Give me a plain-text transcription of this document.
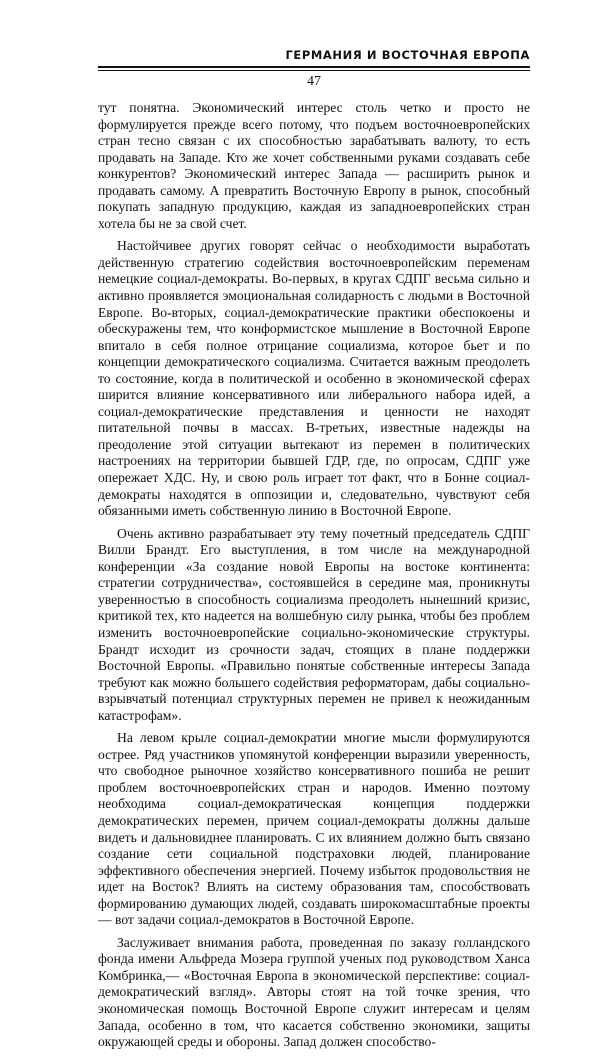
ГЕРМАНИЯ И ВОСТОЧНАЯ ЕВРОПА
47

тут понятна. Экономический интерес столь четко и просто не формулируется прежде всего потому, что подъем восточноевропейских стран тесно связан с их способностью зарабатывать валюту, то есть продавать на Западе. Кто же хочет собственными руками создавать себе конкурентов? Экономический интерес Запада — расширить рынок и продавать самому. А превратить Восточную Европу в рынок, способный покупать западную продукцию, каждая из западноевропейских стран хотела бы не за свой счет.

Настойчивее других говорят сейчас о необходимости выработать действенную стратегию содействия восточноевропейским переменам немецкие социал-демократы. Во-первых, в кругах СДПГ весьма сильно и активно проявляется эмоциональная солидарность с людьми в Восточной Европе. Во-вторых, социал-демократические практики обеспокоены и обескуражены тем, что конформистское мышление в Восточной Европе впитало в себя полное отрицание социализма, которое бьет и по концепции демократического социализма. Считается важным преодолеть то состояние, когда в политической и особенно в экономической сферах ширится влияние консервативного или либерального набора идей, а социал-демократические представления и ценности не находят питательной почвы в массах. В-третьих, известные надежды на преодоление этой ситуации вытекают из перемен в политических настроениях на территории бывшей ГДР, где, по опросам, СДПГ уже опережает ХДС. Ну, и свою роль играет тот факт, что в Бонне социал-демократы находятся в оппозиции и, следовательно, чувствуют себя обязанными иметь собственную линию в Восточной Европе.

Очень активно разрабатывает эту тему почетный председатель СДПГ Вилли Брандт. Его выступления, в том числе на международной конференции «За создание новой Европы на востоке континента: стратегии сотрудничества», состоявшейся в середине мая, проникнуты уверенностью в способность социализма преодолеть нынешний кризис, критикой тех, кто надеется на волшебную силу рынка, чтобы без проблем изменить восточноевропейские социально-экономические структуры. Брандт исходит из срочности задач, стоящих в плане поддержки Восточной Европы. «Правильно понятые собственные интересы Запада требуют как можно большего содействия реформаторам, дабы социально-взрывчатый потенциал структурных перемен не привел к неожиданным катастрофам».

На левом крыле социал-демократии многие мысли формулируются острее. Ряд участников упомянутой конференции выразили уверенность, что свободное рыночное хозяйство консервативного пошиба не решит проблем восточноевропейских стран и народов. Именно поэтому необходима социал-демократическая концепция поддержки демократических перемен, причем социал-демократы должны дальше видеть и дальновиднее планировать. С их влиянием должно быть связано создание сети социальной подстраховки людей, планирование эффективного обеспечения энергией. Почему избыток продовольствия не идет на Восток? Влиять на систему образования там, способствовать формированию думающих людей, создавать широкомасштабные проекты — вот задачи социал-демократов в Восточной Европе.

Заслуживает внимания работа, проведенная по заказу голландского фонда имени Альфреда Мозера группой ученых под руководством Ханса Комбринка,— «Восточная Европа в экономической перспективе: социал-демократический взгляд». Авторы стоят на той точке зрения, что экономическая помощь Восточной Европе служит интересам и целям Запада, особенно в том, что касается собственно экономики, защиты окружающей среды и обороны. Запад должен способство-
